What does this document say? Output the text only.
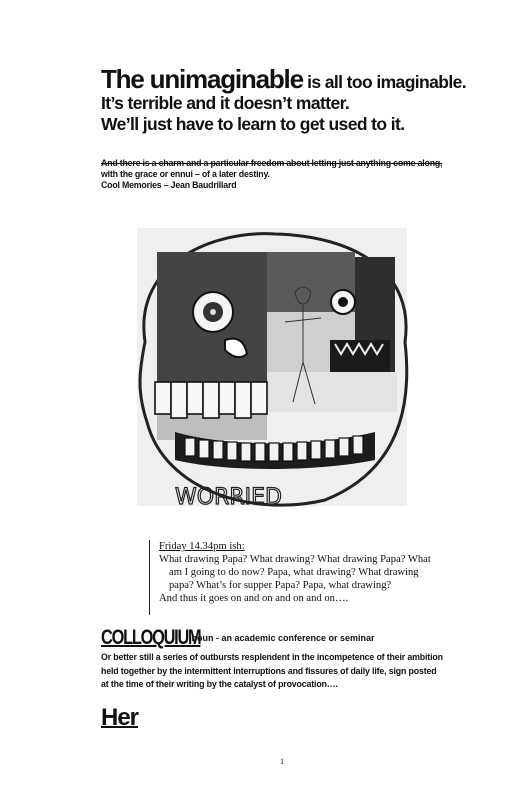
The unimaginable is all too imaginable.
It’s terrible and it doesn’t matter.
We’ll just have to learn to get used to it.
And there is a charm and a particular freedom about letting just anything come along,
with the grace or ennui – of a later destiny.
Cool Memories – Jean Baudrillard
WORRIED
Friday 14.34pm ish:
What drawing Papa? What drawing? What drawing Papa? What
am I going to do now? Papa, what drawing? What drawing
papa? What’s for supper Papa? Papa, what drawing?
And thus it goes on and on and on and on….
COLLOQUIUM noun - an academic conference or seminar
Or better still a series of outbursts resplendent in the incompetence of their ambition
held together by the intermittent interruptions and fissures of daily life, sign posted
at the time of their writing by the catalyst of provocation….
Her
1
